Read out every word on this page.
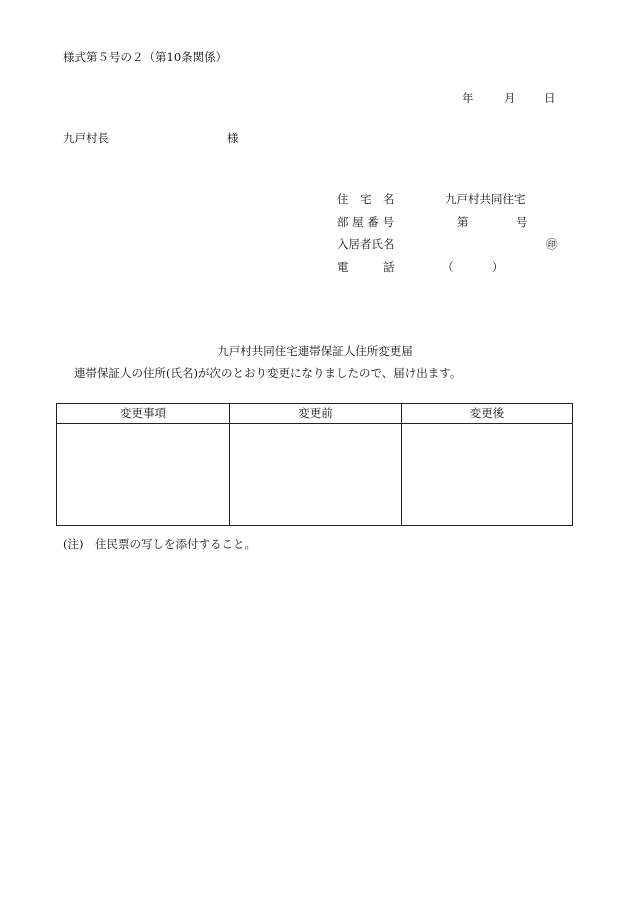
様式第５号の２（第10条関係）
年	月 日
九戸村長	様
住　宅　名	九戸村共同住宅
部 屋 番 号	第	号
入居者氏名	㊞
電　　　話	（	）
九戸村共同住宅連帯保証人住所変更届
連帯保証人の住所(氏名)が次のとおり変更になりましたので、届け出ます。
変更事項	変更前	変更後
(注)　住民票の写しを添付すること。
